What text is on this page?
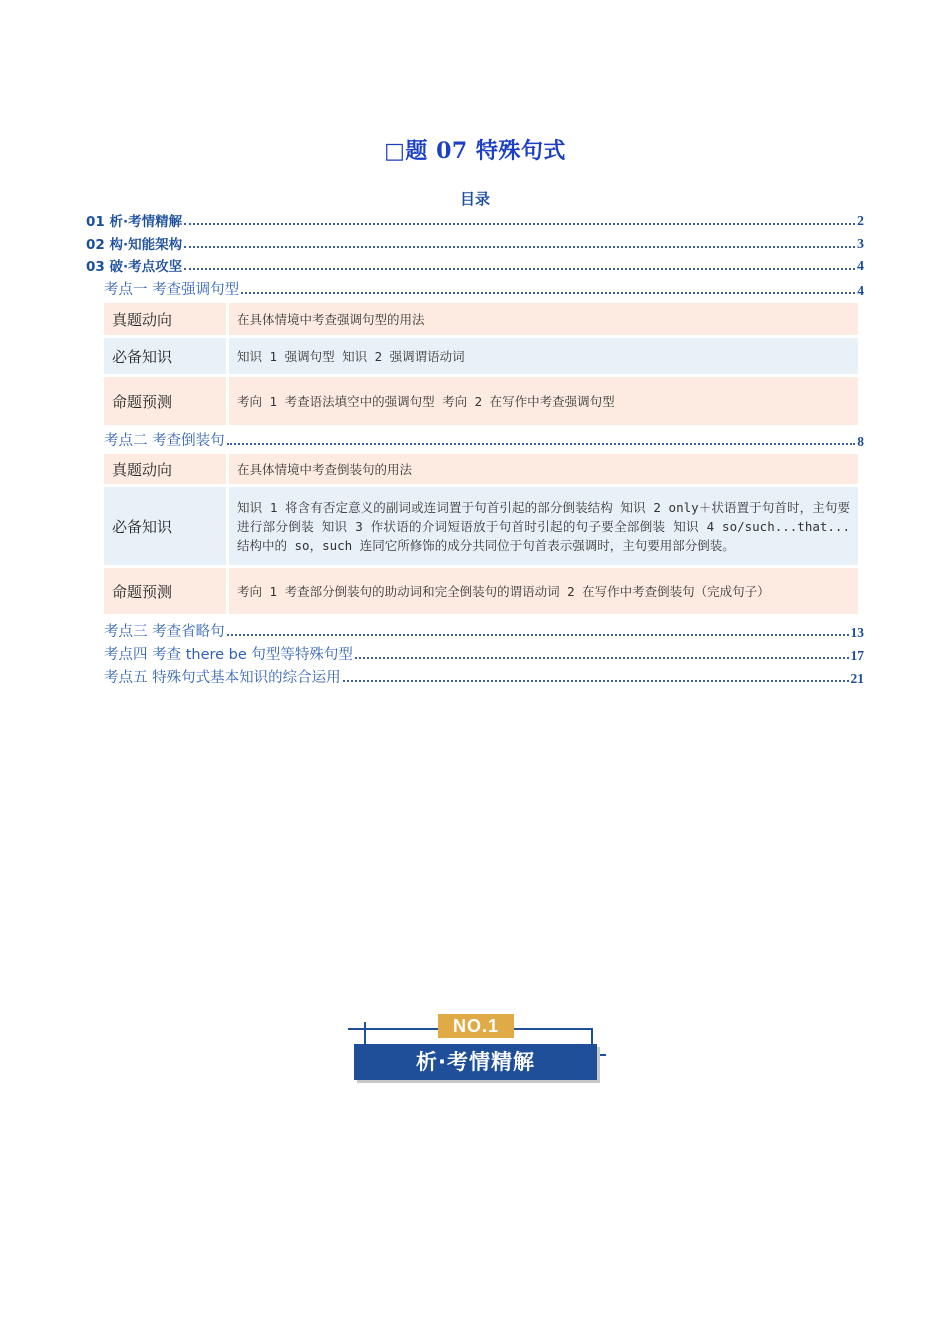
□题 07 特殊句式
目录
01 析·考情精解	2
02 构·知能架构	3
03 破·考点攻坚	4
考点一 考查强调句型	4
真题动向	在具体情境中考查强调句型的用法
必备知识	知识 1 强调句型 知识 2 强调谓语动词
命题预测	考向 1 考查语法填空中的强调句型 考向 2 在写作中考查强调句型
考点二 考查倒装句	8
真题动向	在具体情境中考查倒装句的用法
必备知识	知识 1 将含有否定意义的副词或连词置于句首引起的部分倒装结构 知识 2 only＋状语置于句首时，主句要进行部分倒装 知识 3 作状语的介词短语放于句首时引起的句子要全部倒装 知识 4 so/such...that...结构中的 so，such 连同它所修饰的成分共同位于句首表示强调时，主句要用部分倒装。
命题预测	考向 1 考查部分倒装句的助动词和完全倒装句的谓语动词 2 在写作中考查倒装句（完成句子）
考点三 考查省略句	13
考点四 考查 there be 句型等特殊句型	17
考点五 特殊句式基本知识的综合运用	21
NO.1
析·考情精解
